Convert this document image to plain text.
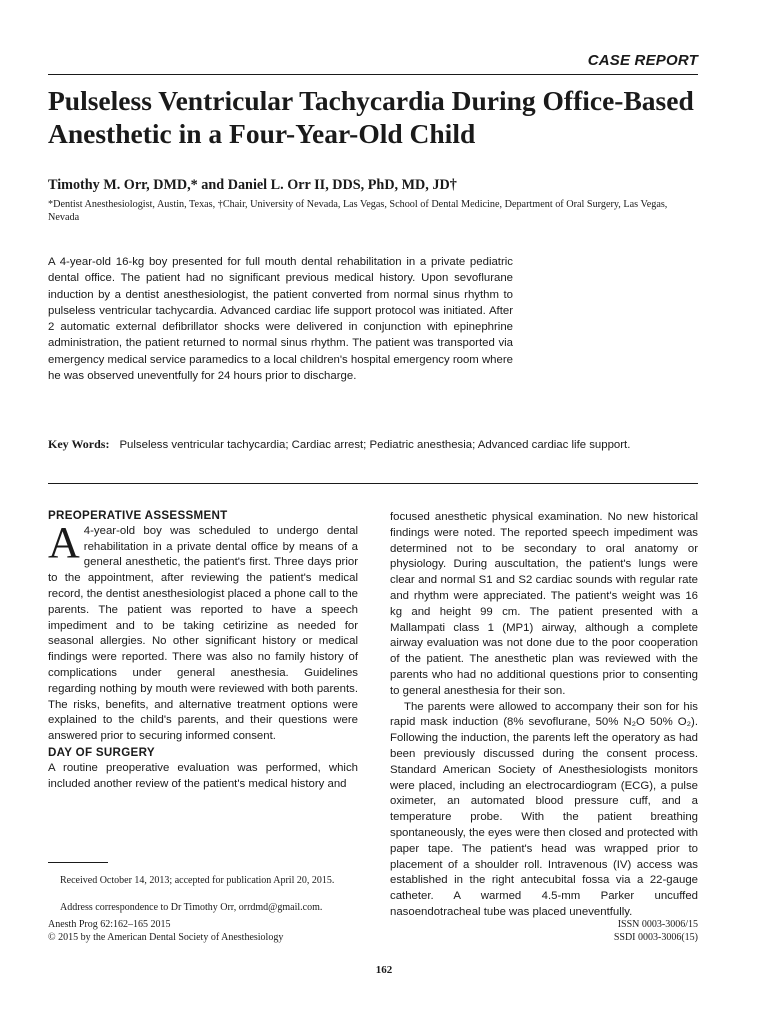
CASE REPORT
Pulseless Ventricular Tachycardia During Office-Based Anesthetic in a Four-Year-Old Child
Timothy M. Orr, DMD,* and Daniel L. Orr II, DDS, PhD, MD, JD†
*Dentist Anesthesiologist, Austin, Texas, †Chair, University of Nevada, Las Vegas, School of Dental Medicine, Department of Oral Surgery, Las Vegas, Nevada

A 4-year-old 16-kg boy presented for full mouth dental rehabilitation in a private pediatric dental office. The patient had no significant previous medical history. Upon sevoflurane induction by a dentist anesthesiologist, the patient converted from normal sinus rhythm to pulseless ventricular tachycardia. Advanced cardiac life support protocol was initiated. After 2 automatic external defibrillator shocks were delivered in conjunction with epinephrine administration, the patient returned to normal sinus rhythm. The patient was transported via emergency medical service paramedics to a local children's hospital emergency room where he was observed uneventfully for 24 hours prior to discharge.

Key Words: Pulseless ventricular tachycardia; Cardiac arrest; Pediatric anesthesia; Advanced cardiac life support.

PREOPERATIVE ASSESSMENT

A 4-year-old boy was scheduled to undergo dental rehabilitation in a private dental office by means of a general anesthetic, the patient's first. Three days prior to the appointment, after reviewing the patient's medical record, the dentist anesthesiologist placed a phone call to the parents. The patient was reported to have a speech impediment and to be taking cetirizine as needed for seasonal allergies. No other significant history or medical findings were reported. There was also no family history of complications under general anesthesia. Guidelines regarding nothing by mouth were reviewed with both parents. The risks, benefits, and alternative treatment options were explained to the child's parents, and their questions were answered prior to securing informed consent.

DAY OF SURGERY

A routine preoperative evaluation was performed, which included another review of the patient's medical history and

focused anesthetic physical examination. No new historical findings were noted. The reported speech impediment was determined not to be secondary to oral anatomy or physiology. During auscultation, the patient's lungs were clear and normal S1 and S2 cardiac sounds with regular rate and rhythm were appreciated. The patient's weight was 16 kg and height 99 cm. The patient presented with a Mallampati class 1 (MP1) airway, although a complete airway evaluation was not done due to the poor cooperation of the patient. The anesthetic plan was reviewed with the parents who had no additional questions prior to consenting to general anesthesia for their son.

The parents were allowed to accompany their son for his rapid mask induction (8% sevoflurane, 50% N₂O 50% O₂). Following the induction, the parents left the operatory as had been previously discussed during the consent process. Standard American Society of Anesthesiologists monitors were placed, including an electrocardiogram (ECG), a pulse oximeter, an automated blood pressure cuff, and a temperature probe. With the patient breathing spontaneously, the eyes were then closed and protected with paper tape. The patient's head was wrapped prior to placement of a shoulder roll. Intravenous (IV) access was established in the right antecubital fossa via a 22-gauge catheter. A warmed 4.5-mm Parker uncuffed nasoendotracheal tube was placed uneventfully.

Received October 14, 2013; accepted for publication April 20, 2015.

Address correspondence to Dr Timothy Orr, orrdmd@gmail.com.

Anesth Prog 62:162–165 2015
© 2015 by the American Dental Society of Anesthesiology
ISSN 0003-3006/15
SSDI 0003-3006(15)
162
